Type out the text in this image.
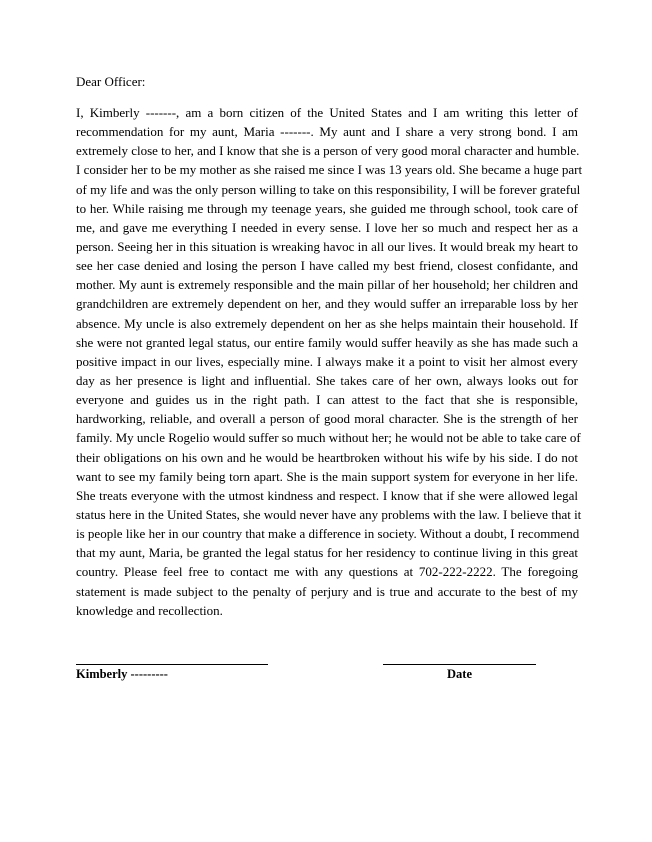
Dear Officer:
I, Kimberly -------, am a born citizen of the United States and I am writing this letter of
recommendation for my aunt, Maria -------. My aunt and I share a very strong bond. I am
extremely close to her, and I know that she is a person of very good moral character and humble.
I consider her to be my mother as she raised me since I was 13 years old. She became a huge part
of my life and was the only person willing to take on this responsibility, I will be forever grateful
to her. While raising me through my teenage years, she guided me through school, took care of
me, and gave me everything I needed in every sense. I love her so much and respect her as a
person. Seeing her in this situation is wreaking havoc in all our lives. It would break my heart to
see her case denied and losing the person I have called my best friend, closest confidante, and
mother. My aunt is extremely responsible and the main pillar of her household; her children and
grandchildren are extremely dependent on her, and they would suffer an irreparable loss by her
absence. My uncle is also extremely dependent on her as she helps maintain their household. If
she were not granted legal status, our entire family would suffer heavily as she has made such a
positive impact in our lives, especially mine. I always make it a point to visit her almost every
day as her presence is light and influential. She takes care of her own, always looks out for
everyone and guides us in the right path. I can attest to the fact that she is responsible,
hardworking, reliable, and overall a person of good moral character. She is the strength of her
family. My uncle Rogelio would suffer so much without her; he would not be able to take care of
their obligations on his own and he would be heartbroken without his wife by his side. I do not
want to see my family being torn apart. She is the main support system for everyone in her life.
She treats everyone with the utmost kindness and respect. I know that if she were allowed legal
status here in the United States, she would never have any problems with the law. I believe that it
is people like her in our country that make a difference in society. Without a doubt, I recommend
that my aunt, Maria, be granted the legal status for her residency to continue living in this great
country. Please feel free to contact me with any questions at 702-222-2222. The foregoing
statement is made subject to the penalty of perjury and is true and accurate to the best of my
knowledge and recollection.
Kimberly ---------	Date
